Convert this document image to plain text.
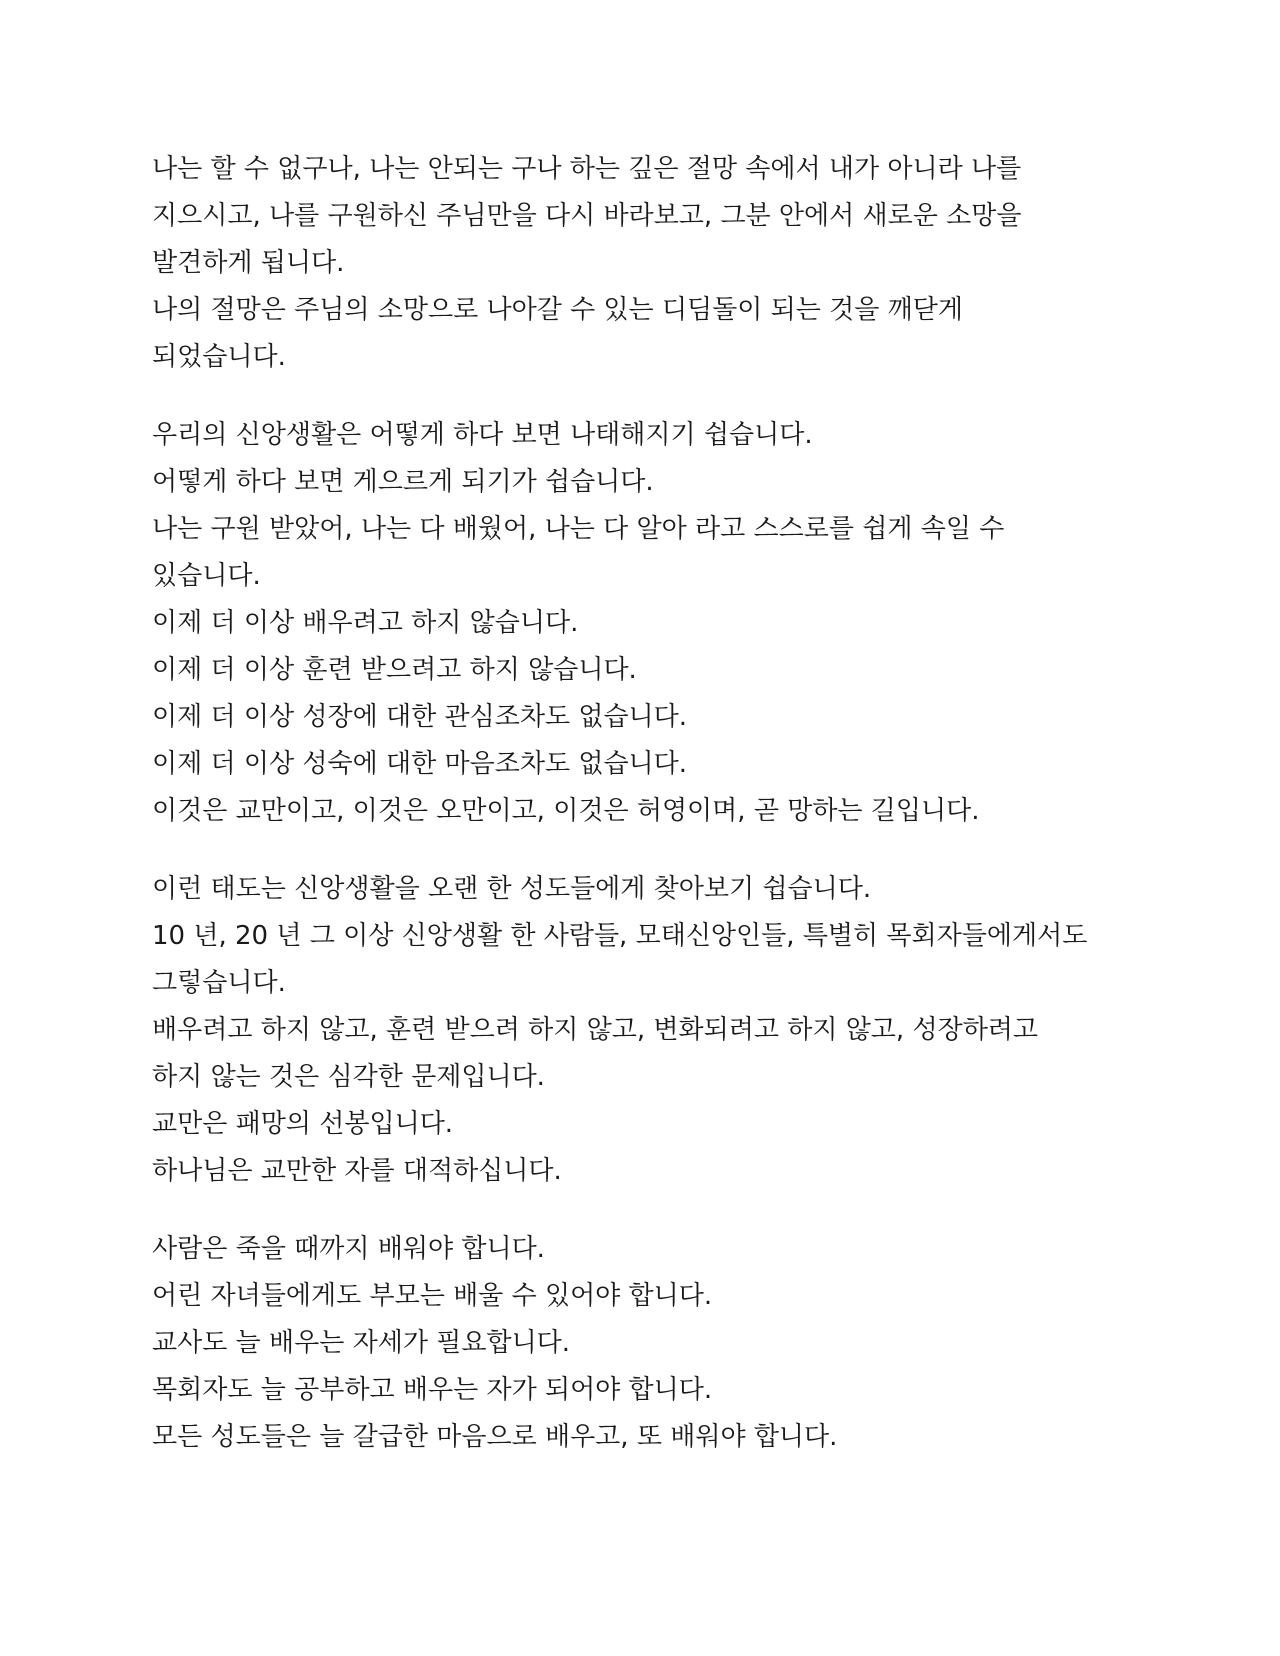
나는 할 수 없구나, 나는 안되는 구나 하는 깊은 절망 속에서 내가 아니라 나를
지으시고, 나를 구원하신 주님만을 다시 바라보고, 그분 안에서 새로운 소망을
발견하게 됩니다.
나의 절망은 주님의 소망으로 나아갈 수 있는 디딤돌이 되는 것을 깨닫게
되었습니다.
우리의 신앙생활은 어떻게 하다 보면 나태해지기 쉽습니다.
어떻게 하다 보면 게으르게 되기가 쉽습니다.
나는 구원 받았어, 나는 다 배웠어, 나는 다 알아 라고 스스로를 쉽게 속일 수
있습니다.
이제 더 이상 배우려고 하지 않습니다.
이제 더 이상 훈련 받으려고 하지 않습니다.
이제 더 이상 성장에 대한 관심조차도 없습니다.
이제 더 이상 성숙에 대한 마음조차도 없습니다.
이것은 교만이고, 이것은 오만이고, 이것은 허영이며, 곧 망하는 길입니다.
이런 태도는 신앙생활을 오랜 한 성도들에게 찾아보기 쉽습니다.
10 년, 20 년 그 이상 신앙생활 한 사람들, 모태신앙인들, 특별히 목회자들에게서도
그렇습니다.
배우려고 하지 않고, 훈련 받으려 하지 않고, 변화되려고 하지 않고, 성장하려고
하지 않는 것은 심각한 문제입니다.
교만은 패망의 선봉입니다.
하나님은 교만한 자를 대적하십니다.
사람은 죽을 때까지 배워야 합니다.
어린 자녀들에게도 부모는 배울 수 있어야 합니다.
교사도 늘 배우는 자세가 필요합니다.
목회자도 늘 공부하고 배우는 자가 되어야 합니다.
모든 성도들은 늘 갈급한 마음으로 배우고, 또 배워야 합니다.
